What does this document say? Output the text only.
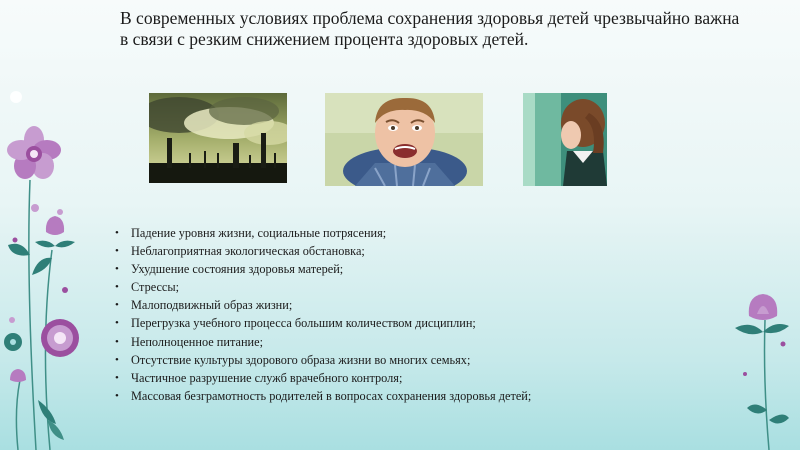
В современных условиях проблема сохранения здоровья детей чрезвычайно важна в связи с резким снижением процента здоровых детей.

• Падение уровня жизни, социальные потрясения;
• Неблагоприятная экологическая обстановка;
• Ухудшение состояния здоровья матерей;
• Стрессы;
• Малоподвижный образ жизни;
• Перегрузка учебного процесса большим количеством дисциплин;
• Неполноценное питание;
• Отсутствие культуры здорового образа жизни во многих семьях;
• Частичное разрушение служб врачебного контроля;
• Массовая безграмотность родителей в вопросах сохранения здоровья детей;
